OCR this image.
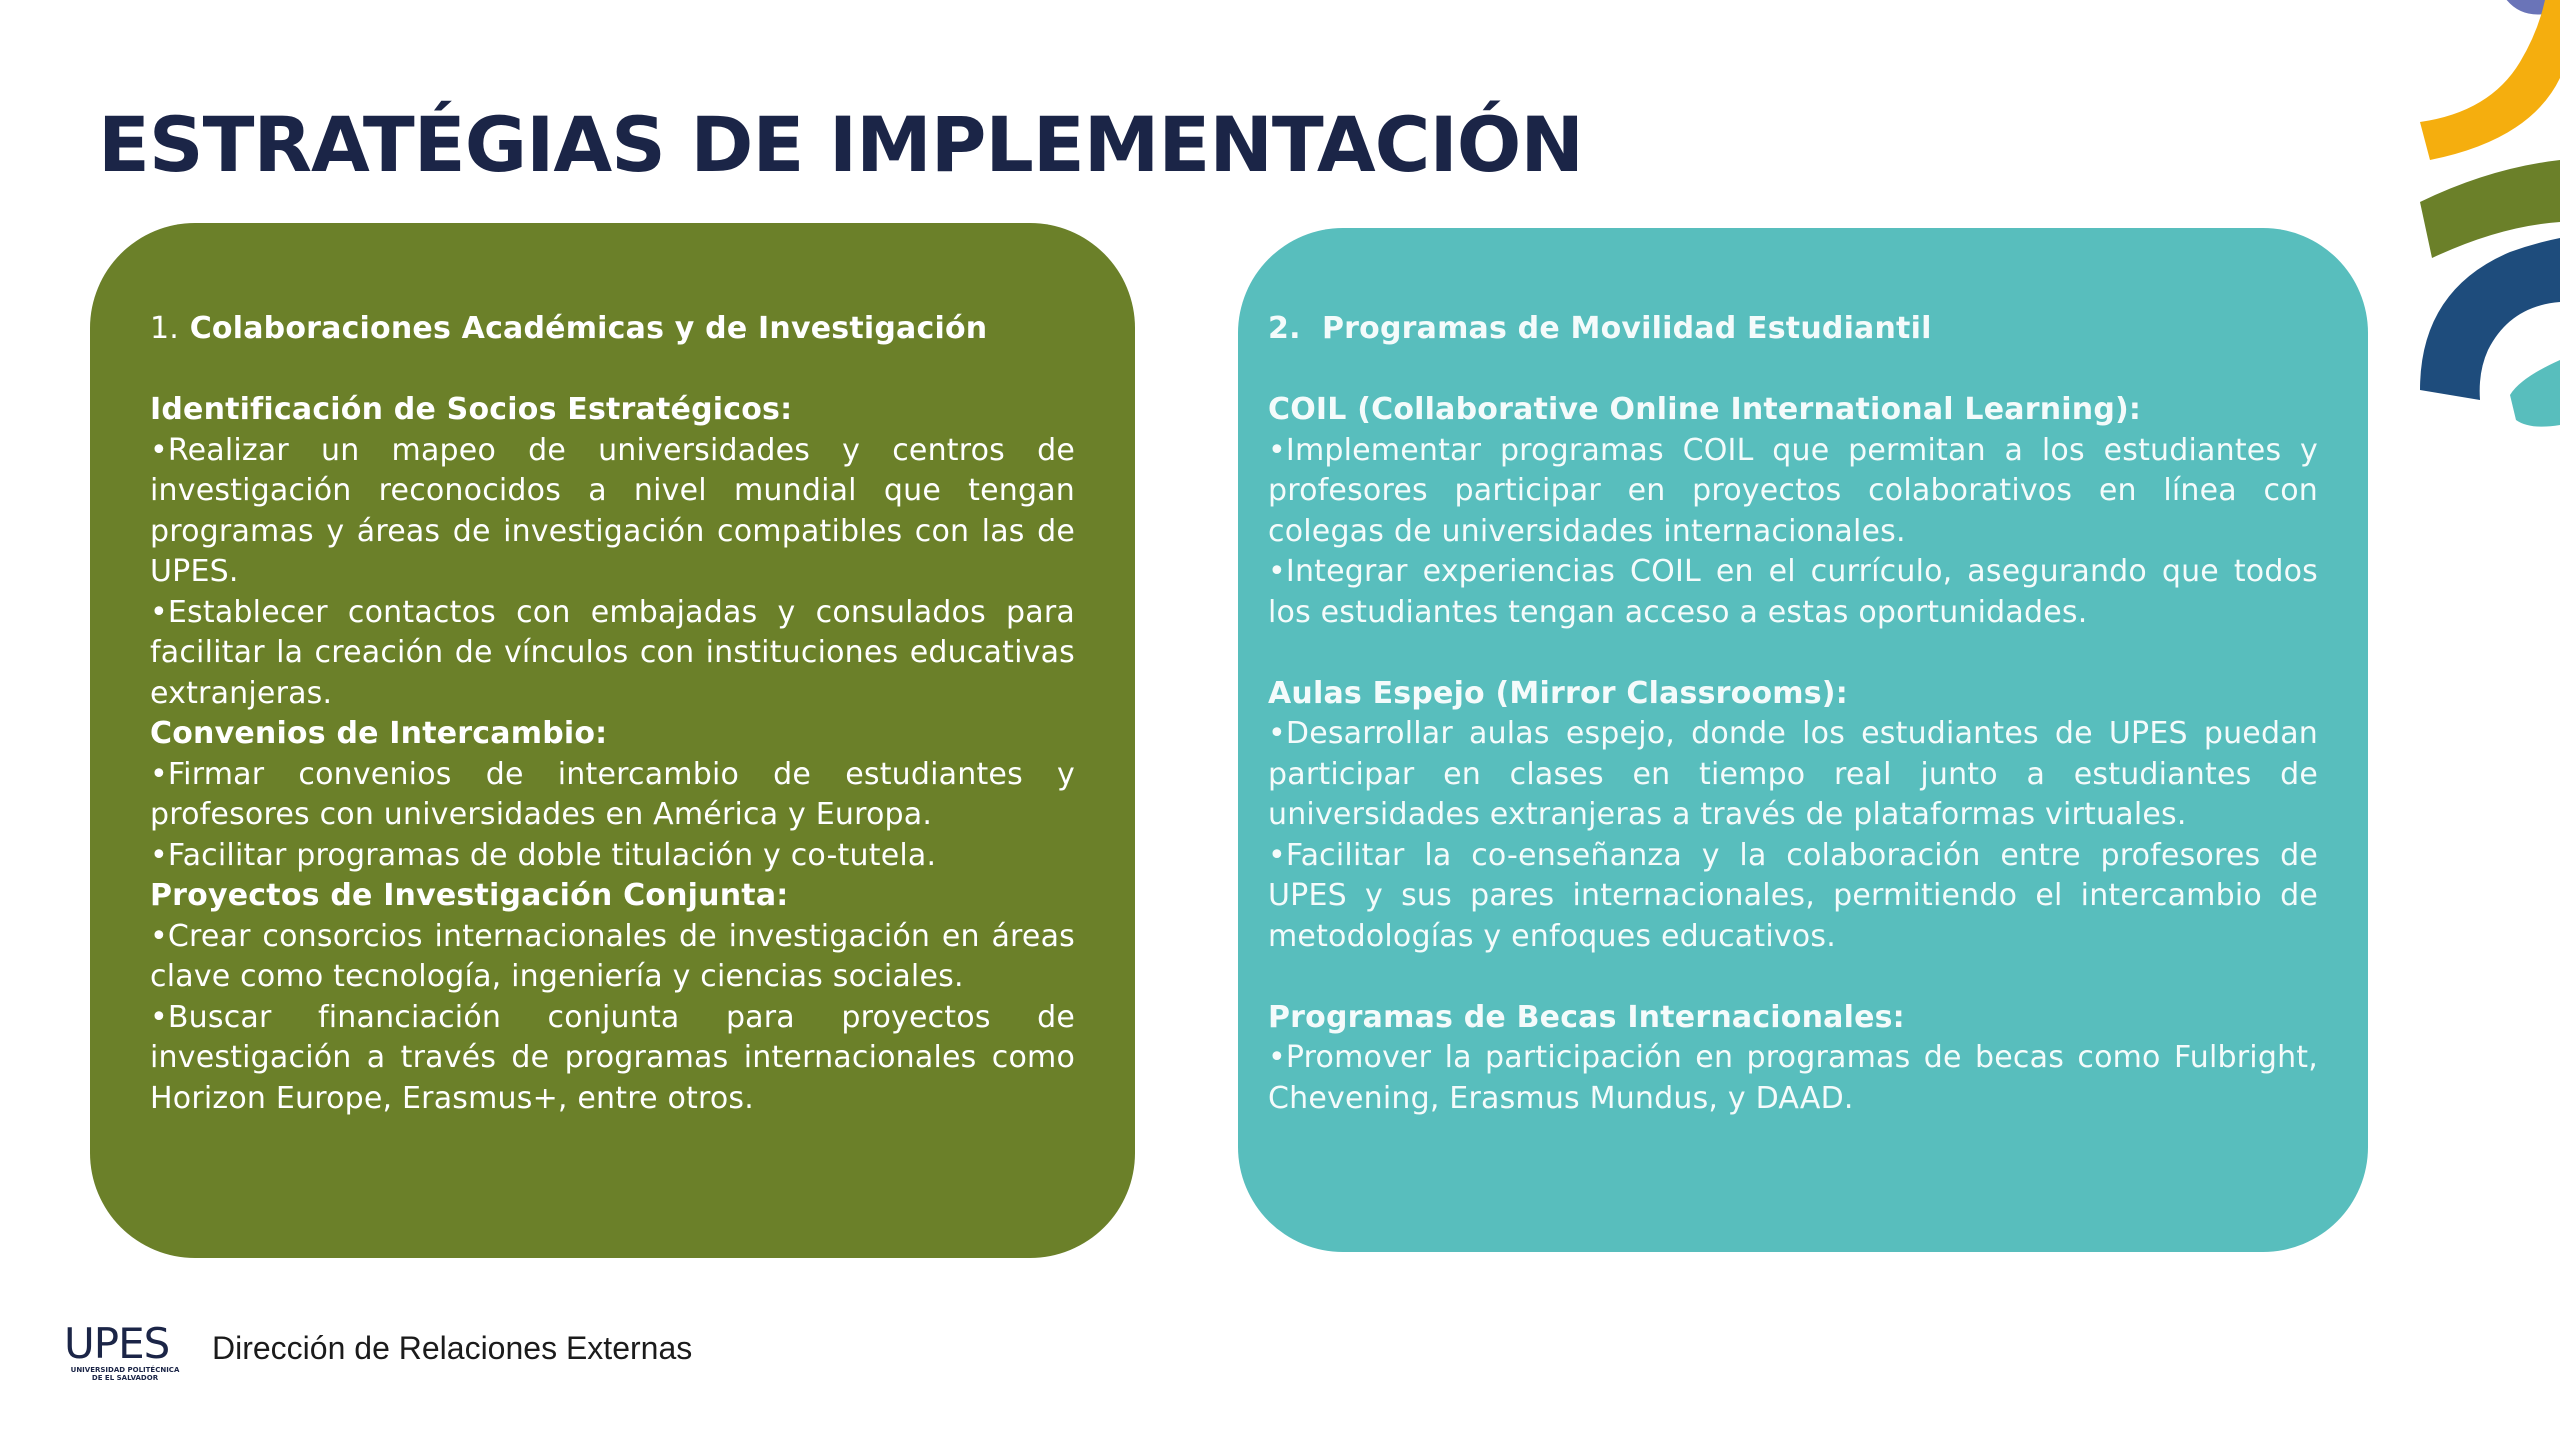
ESTRATÉGIAS DE IMPLEMENTACIÓN
1. Colaboraciones Académicas y de Investigación
Identificación de Socios Estratégicos:
•Realizar un mapeo de universidades y centros de investigación reconocidos a nivel mundial que tengan programas y áreas de investigación compatibles con las de UPES.
•Establecer contactos con embajadas y consulados para facilitar la creación de vínculos con instituciones educativas extranjeras.
Convenios de Intercambio:
•Firmar convenios de intercambio de estudiantes y profesores con universidades en América y Europa.
•Facilitar programas de doble titulación y co-tutela.
Proyectos de Investigación Conjunta:
•Crear consorcios internacionales de investigación en áreas clave como tecnología, ingeniería y ciencias sociales.
•Buscar financiación conjunta para proyectos de investigación a través de programas internacionales como Horizon Europe, Erasmus+, entre otros.
2.  Programas de Movilidad Estudiantil
COIL (Collaborative Online International Learning):
•Implementar programas COIL que permitan a los estudiantes y profesores participar en proyectos colaborativos en línea con colegas de universidades internacionales.
•Integrar experiencias COIL en el currículo, asegurando que todos los estudiantes tengan acceso a estas oportunidades.
Aulas Espejo (Mirror Classrooms):
•Desarrollar aulas espejo, donde los estudiantes de UPES puedan participar en clases en tiempo real junto a estudiantes de universidades extranjeras a través de plataformas virtuales.
•Facilitar la co-enseñanza y la colaboración entre profesores de UPES y sus pares internacionales, permitiendo el intercambio de metodologías y enfoques educativos.
Programas de Becas Internacionales:
•Promover la participación en programas de becas como Fulbright, Chevening, Erasmus Mundus, y DAAD.
UPES
UNIVERSIDAD POLITÉCNICA
DE EL SALVADOR
Dirección de Relaciones Externas
